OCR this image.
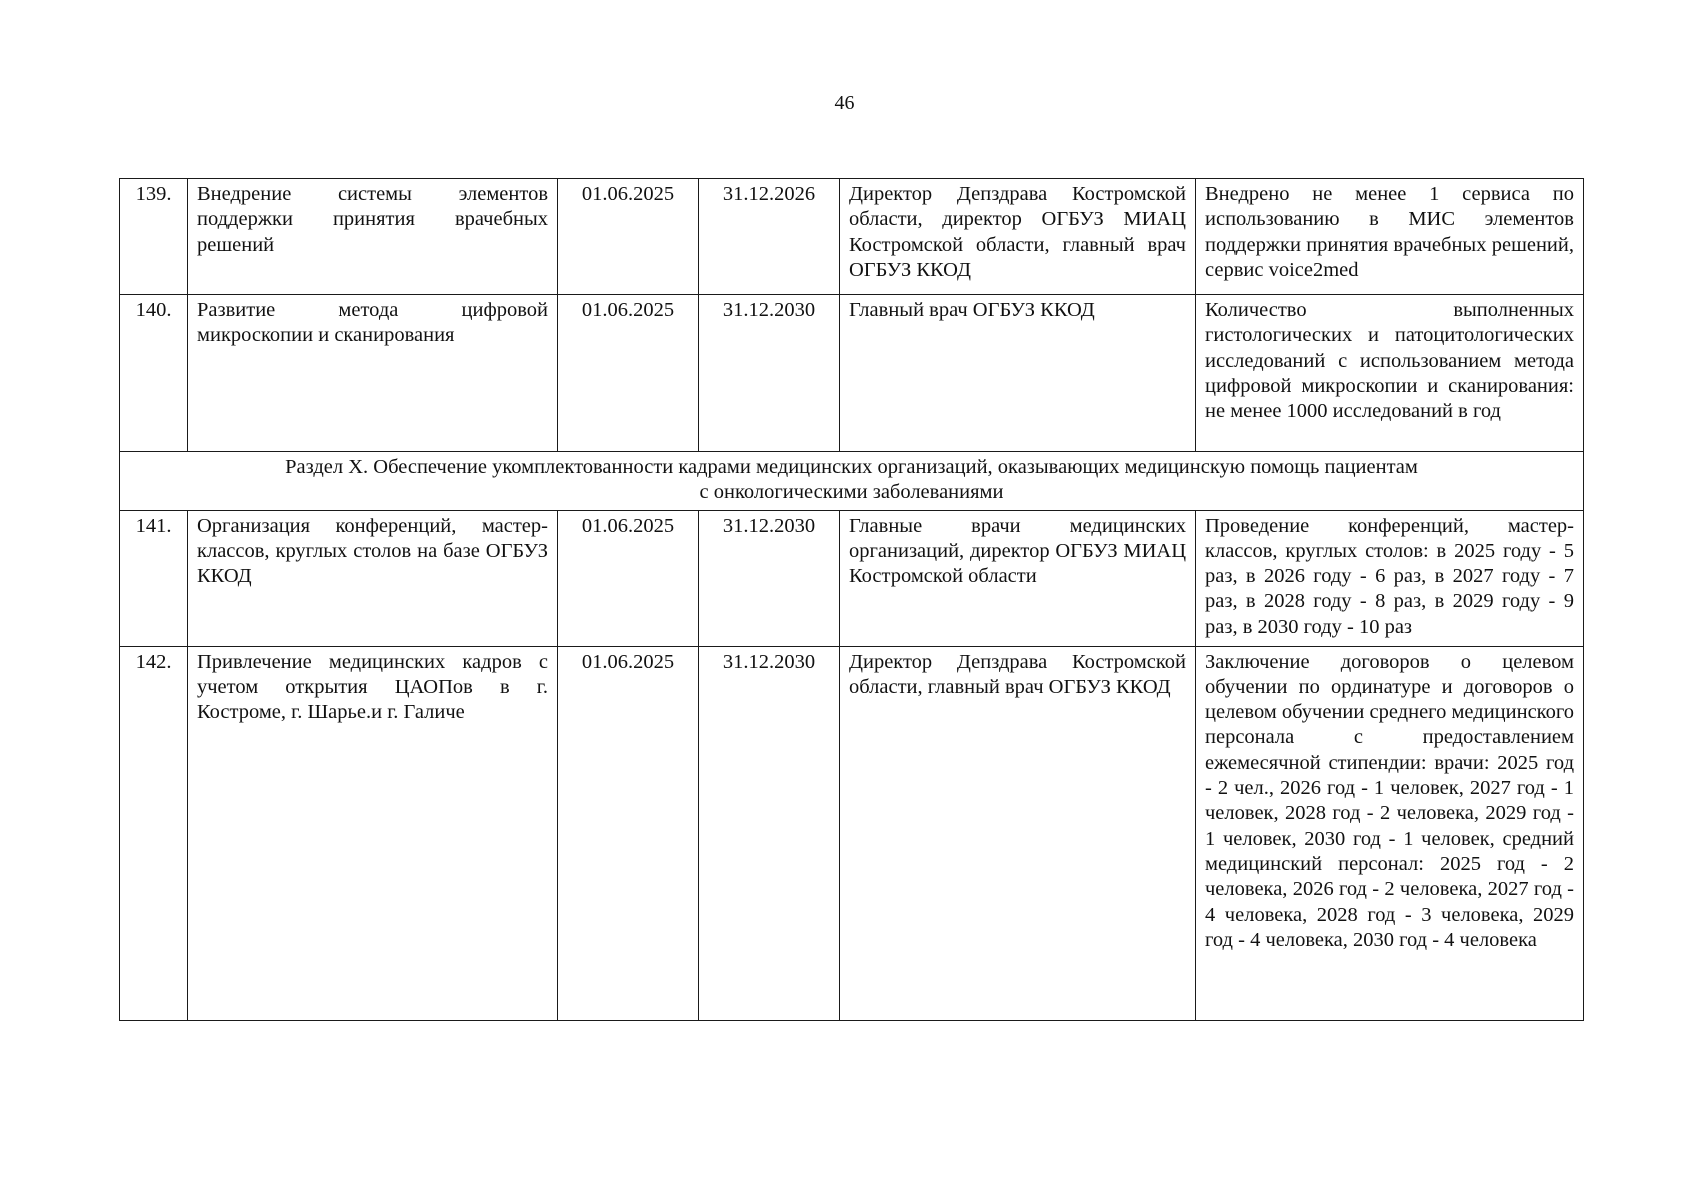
46
139.	Внедрение системы элементов поддержки принятия врачебных решений	01.06.2025	31.12.2026	Директор Депздрава Костромской области, директор ОГБУЗ МИАЦ Костромской области, главный врач ОГБУЗ ККОД	Внедрено не менее 1 сервиса по использованию в МИС элементов поддержки принятия врачебных решений, сервис voice2med
140.	Развитие метода цифровой микроскопии и сканирования	01.06.2025	31.12.2030	Главный врач ОГБУЗ ККОД	Количество выполненных гистологических и патоцитологических исследований с использованием метода цифровой микроскопии и сканирования: не менее 1000 исследований в год

Раздел X. Обеспечение укомплектованности кадрами медицинских организаций, оказывающих медицинскую помощь пациентам
с онкологическими заболеваниями					

141.	Организация конференций, мастер-классов, круглых столов на базе ОГБУЗ ККОД	01.06.2025	31.12.2030	Главные врачи медицинских организаций, директор ОГБУЗ МИАЦ Костромской области	Проведение конференций, мастер-классов, круглых столов: в 2025 году - 5 раз, в 2026 году - 6 раз, в 2027 году - 7 раз, в 2028 году - 8 раз, в 2029 году - 9 раз, в 2030 году - 10 раз
142.	Привлечение медицинских кадров с учетом открытия ЦАОПов в г. Костроме, г. Шарье.и г. Галиче	01.06.2025	31.12.2030	Директор Депздрава Костромской области, главный врач ОГБУЗ ККОД	Заключение договоров о целевом обучении по ординатуре и договоров о целевом обучении среднего медицинского персонала с предоставлением ежемесячной стипендии: врачи: 2025 год - 2 чел., 2026 год - 1 человек, 2027 год - 1 человек, 2028 год - 2 человека, 2029 год - 1 человек, 2030 год - 1 человек, средний медицинский персонал: 2025 год - 2 человека, 2026 год - 2 человека, 2027 год - 4 человека, 2028 год - 3 человека, 2029 год - 4 человека, 2030 год - 4 человека
